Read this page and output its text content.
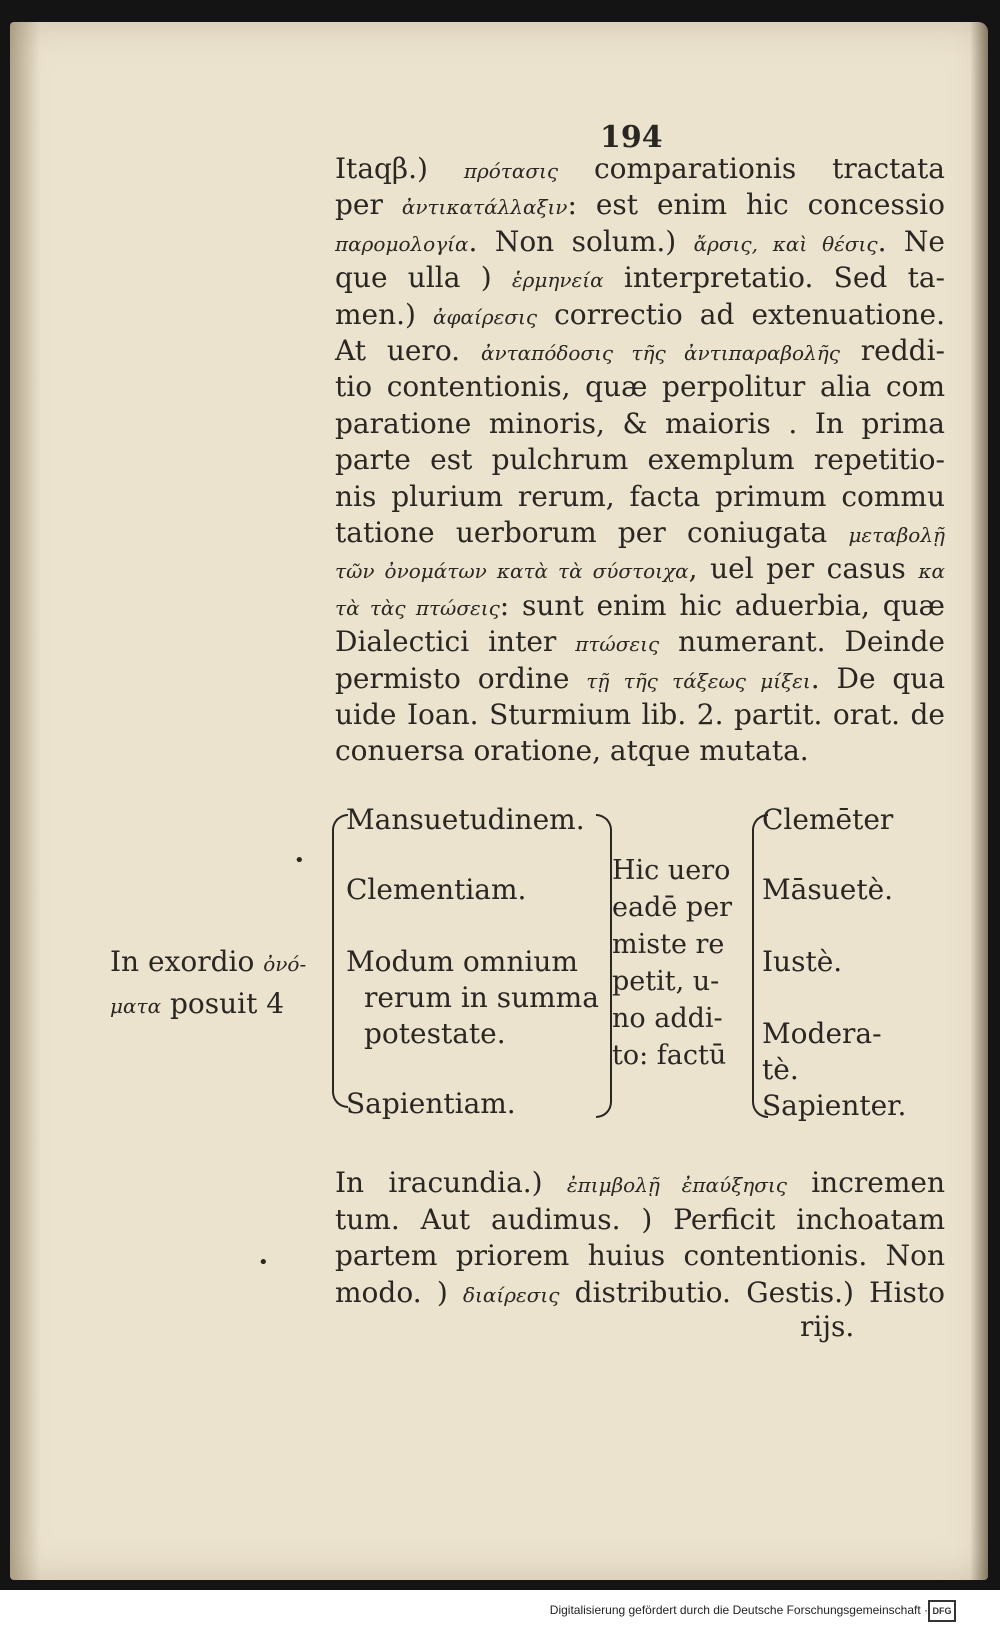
194
Itaqβ.) πρότασις comparationis tractata
per ἀντικατάλλαξιν: est enim hic concessio
παρομολογία. Non solum.) ἄρσις, καὶ θέσις. Ne
que ulla ) ἑρμηνεία interpretatio. Sed ta-
men.) ἀφαίρεσις correctio ad extenuatione.
At uero. ἀνταπόδοσις τῆς ἀντιπαραβολῆς reddi-
tio contentionis, quæ perpolitur alia com
paratione minoris, & maioris . In prima
parte est pulchrum exemplum repetitio-
nis plurium rerum, facta primum commu
tatione uerborum per coniugata μεταβολῇ
τῶν ὀνομάτων κατὰ τὰ σύστοιχα, uel per casus κα
τὰ τὰς πτώσεις: sunt enim hic aduerbia, quæ
Dialectici inter πτώσεις numerant. Deinde
permisto ordine τῇ τῆς τάξεως μίξει. De qua
uide Ioan. Sturmium lib. 2. partit. orat. de
conuersa oratione, atque mutata.
Mansuetudinem.
Clementiam.
Modum omnium
rerum in summa
potestate.
Sapientiam.
Hic uero
eadē per
miste re
petit, u-
no addi-
to: factū
Clemēter
Māsuetè.
Iustè.
Modera-
tè.
Sapienter.
In exordio ὀνό-
ματα posuit 4
•
•
In iracundia.) ἐπιμβολῇ ἐπαύξησις incremen
tum. Aut audimus. ) Perficit inchoatam
partem priorem huius contentionis. Non
modo. ) διαίρεσις distributio. Gestis.) Histo
rijs.
Digitalisierung gefördert durch die Deutsche Forschungsgemeinschaft · DFG
